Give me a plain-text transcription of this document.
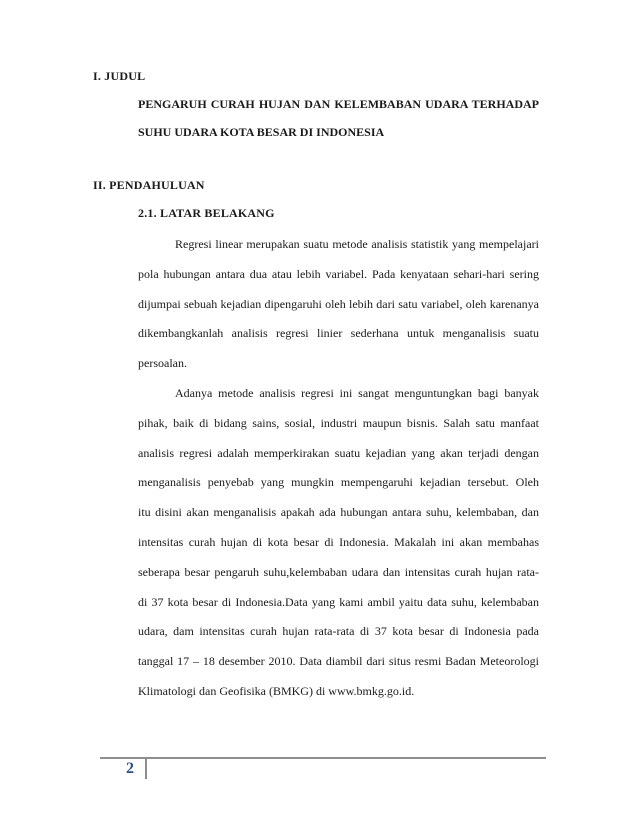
I. JUDUL
PENGARUH CURAH HUJAN DAN KELEMBABAN UDARA TERHADAP
SUHU UDARA KOTA BESAR DI INDONESIA
II. PENDAHULUAN
2.1. LATAR BELAKANG
Regresi linear merupakan suatu metode analisis statistik yang mempelajari
pola hubungan antara dua atau lebih variabel. Pada kenyataan sehari-hari sering
dijumpai sebuah kejadian dipengaruhi oleh lebih dari satu variabel, oleh karenanya
dikembangkanlah analisis regresi linier sederhana untuk menganalisis suatu
persoalan.
Adanya metode analisis regresi ini sangat menguntungkan bagi banyak
pihak, baik di bidang sains, sosial, industri maupun bisnis. Salah satu manfaat
analisis regresi adalah memperkirakan suatu kejadian yang akan terjadi dengan
menganalisis penyebab yang mungkin mempengaruhi kejadian tersebut. Oleh
itu disini akan menganalisis apakah ada hubungan antara suhu, kelembaban, dan
intensitas curah hujan di kota besar di Indonesia. Makalah ini akan membahas
seberapa besar pengaruh suhu,kelembaban udara dan intensitas curah hujan rata-
di 37 kota besar di Indonesia.Data yang kami ambil yaitu data suhu, kelembaban
udara, dam intensitas curah hujan rata-rata di 37 kota besar di Indonesia pada
tanggal 17 – 18 desember 2010. Data diambil dari situs resmi Badan Meteorologi
Klimatologi dan Geofisika (BMKG) di www.bmkg.go.id.
2
